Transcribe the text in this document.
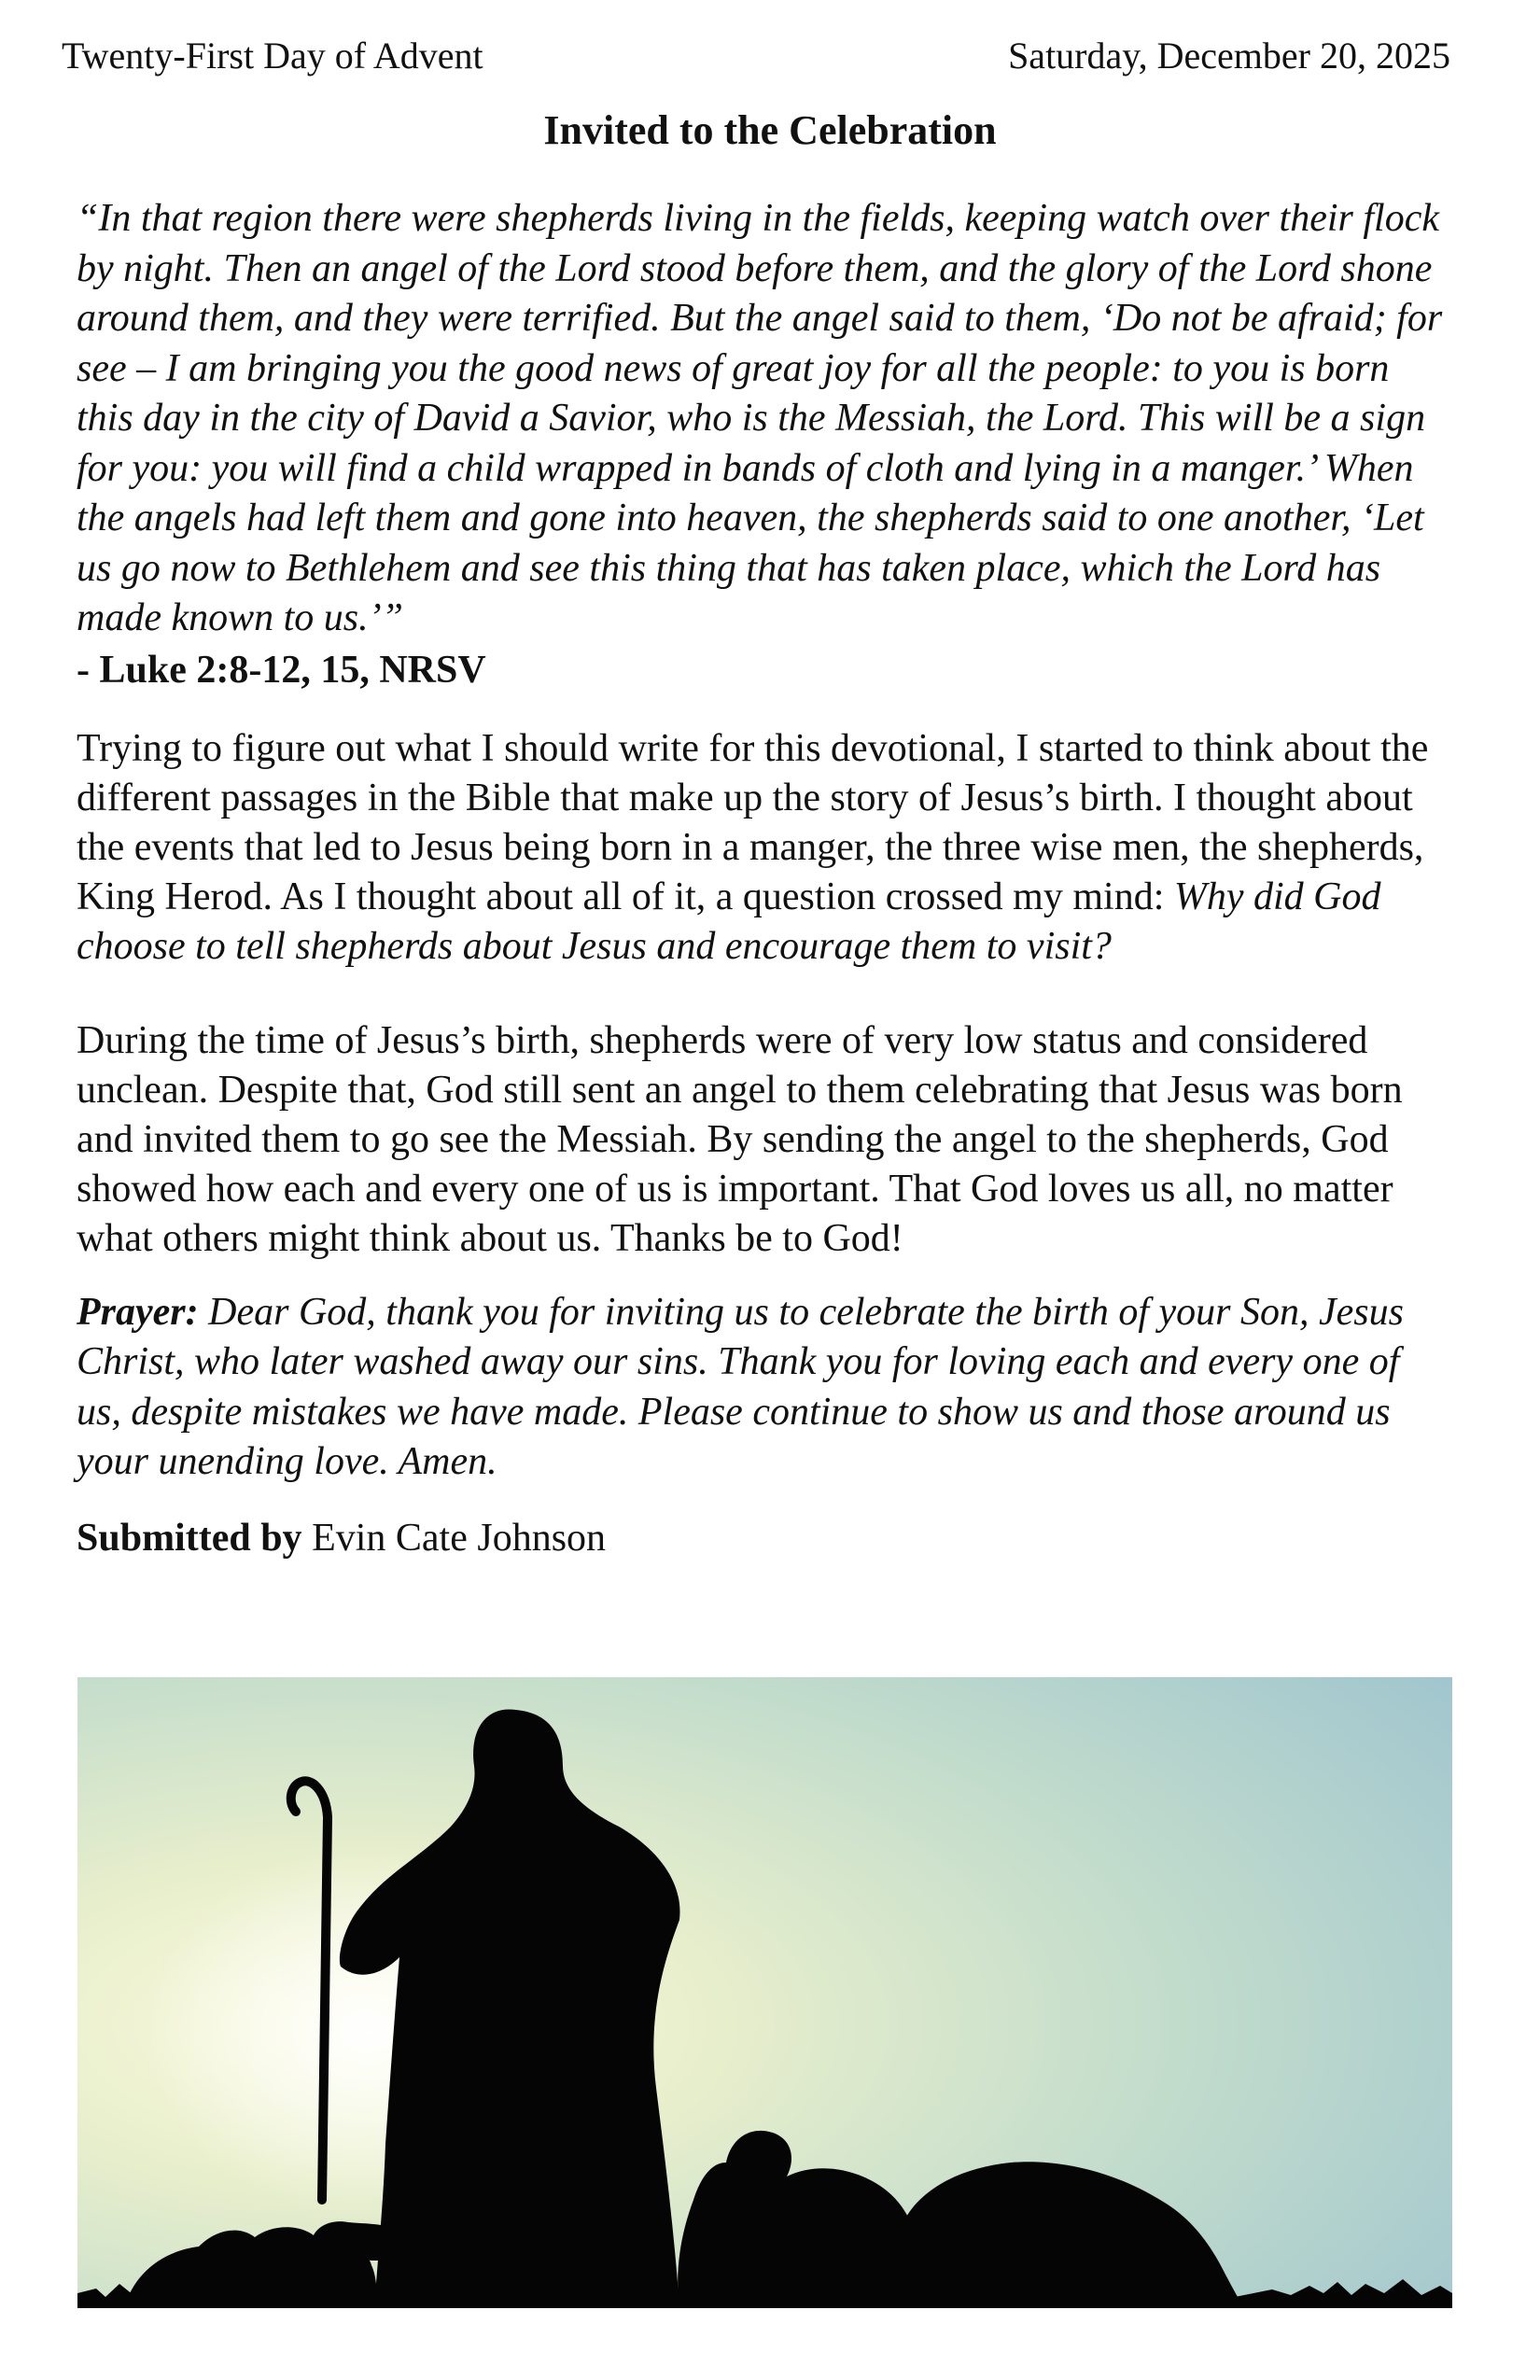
Twenty-First Day of Advent	Saturday, December 20, 2025
Invited to the Celebration

“In that region there were shepherds living in the fields, keeping watch over their flock by night. Then an angel of the Lord stood before them, and the glory of the Lord shone around them, and they were terrified. But the angel said to them, ‘Do not be afraid; for see – I am bringing you the good news of great joy for all the people: to you is born this day in the city of David a Savior, who is the Messiah, the Lord. This will be a sign for you: you will find a child wrapped in bands of cloth and lying in a manger.’ When the angels had left them and gone into heaven, the shepherds said to one another, ‘Let us go now to Bethlehem and see this thing that has taken place, which the Lord has made known to us.’”

- Luke 2:8-12, 15, NRSV

Trying to figure out what I should write for this devotional, I started to think about the different passages in the Bible that make up the story of Jesus’s birth. I thought about the events that led to Jesus being born in a manger, the three wise men, the shepherds, King Herod. As I thought about all of it, a question crossed my mind: Why did God choose to tell shepherds about Jesus and encourage them to visit?

During the time of Jesus’s birth, shepherds were of very low status and considered unclean. Despite that, God still sent an angel to them celebrating that Jesus was born and invited them to go see the Messiah. By sending the angel to the shepherds, God showed how each and every one of us is important. That God loves us all, no matter what others might think about us. Thanks be to God!

Prayer: Dear God, thank you for inviting us to celebrate the birth of your Son, Jesus Christ, who later washed away our sins. Thank you for loving each and every one of us, despite mistakes we have made. Please continue to show us and those around us your unending love. Amen.

Submitted by Evin Cate Johnson
